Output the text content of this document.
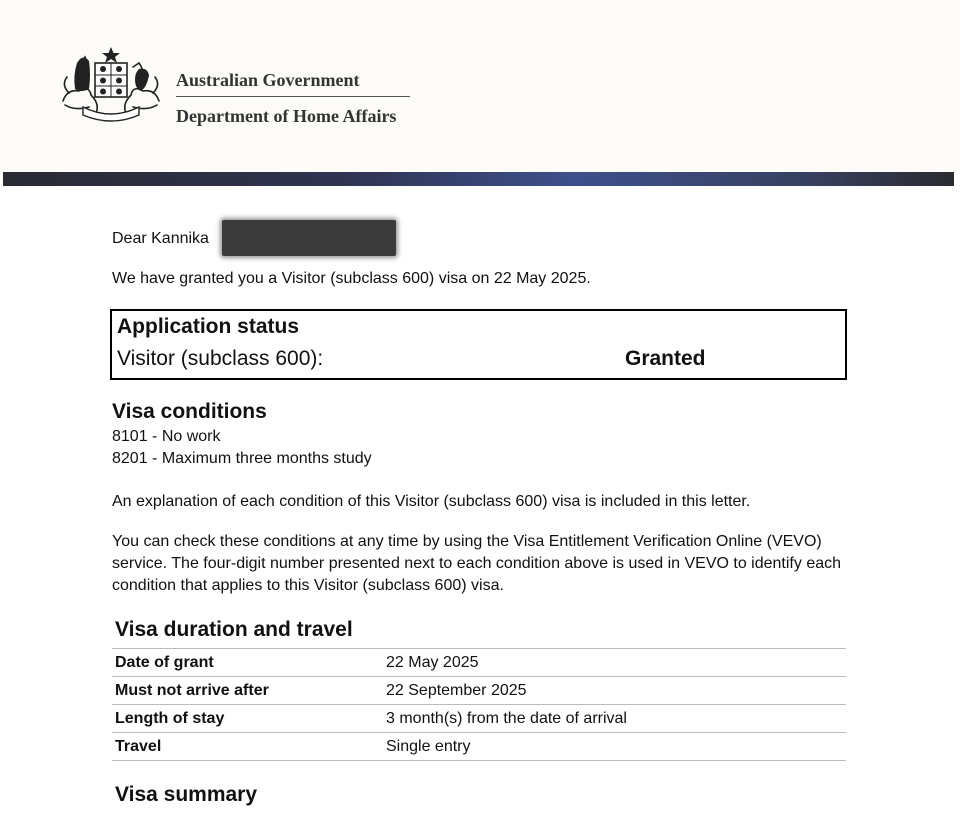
Australian Government
Department of Home Affairs
Dear Kannika
We have granted you a Visitor (subclass 600) visa on 22 May 2025.
Application status
Visitor (subclass 600):	Granted
Visa conditions
8101 - No work
8201 - Maximum three months study
An explanation of each condition of this Visitor (subclass 600) visa is included in this letter.
You can check these conditions at any time by using the Visa Entitlement Verification Online (VEVO) service. The four-digit number presented next to each condition above is used in VEVO to identify each condition that applies to this Visitor (subclass 600) visa.
Visa duration and travel
Date of grant	22 May 2025
Must not arrive after	22 September 2025
Length of stay	3 month(s) from the date of arrival
Travel	Single entry
Visa summary
